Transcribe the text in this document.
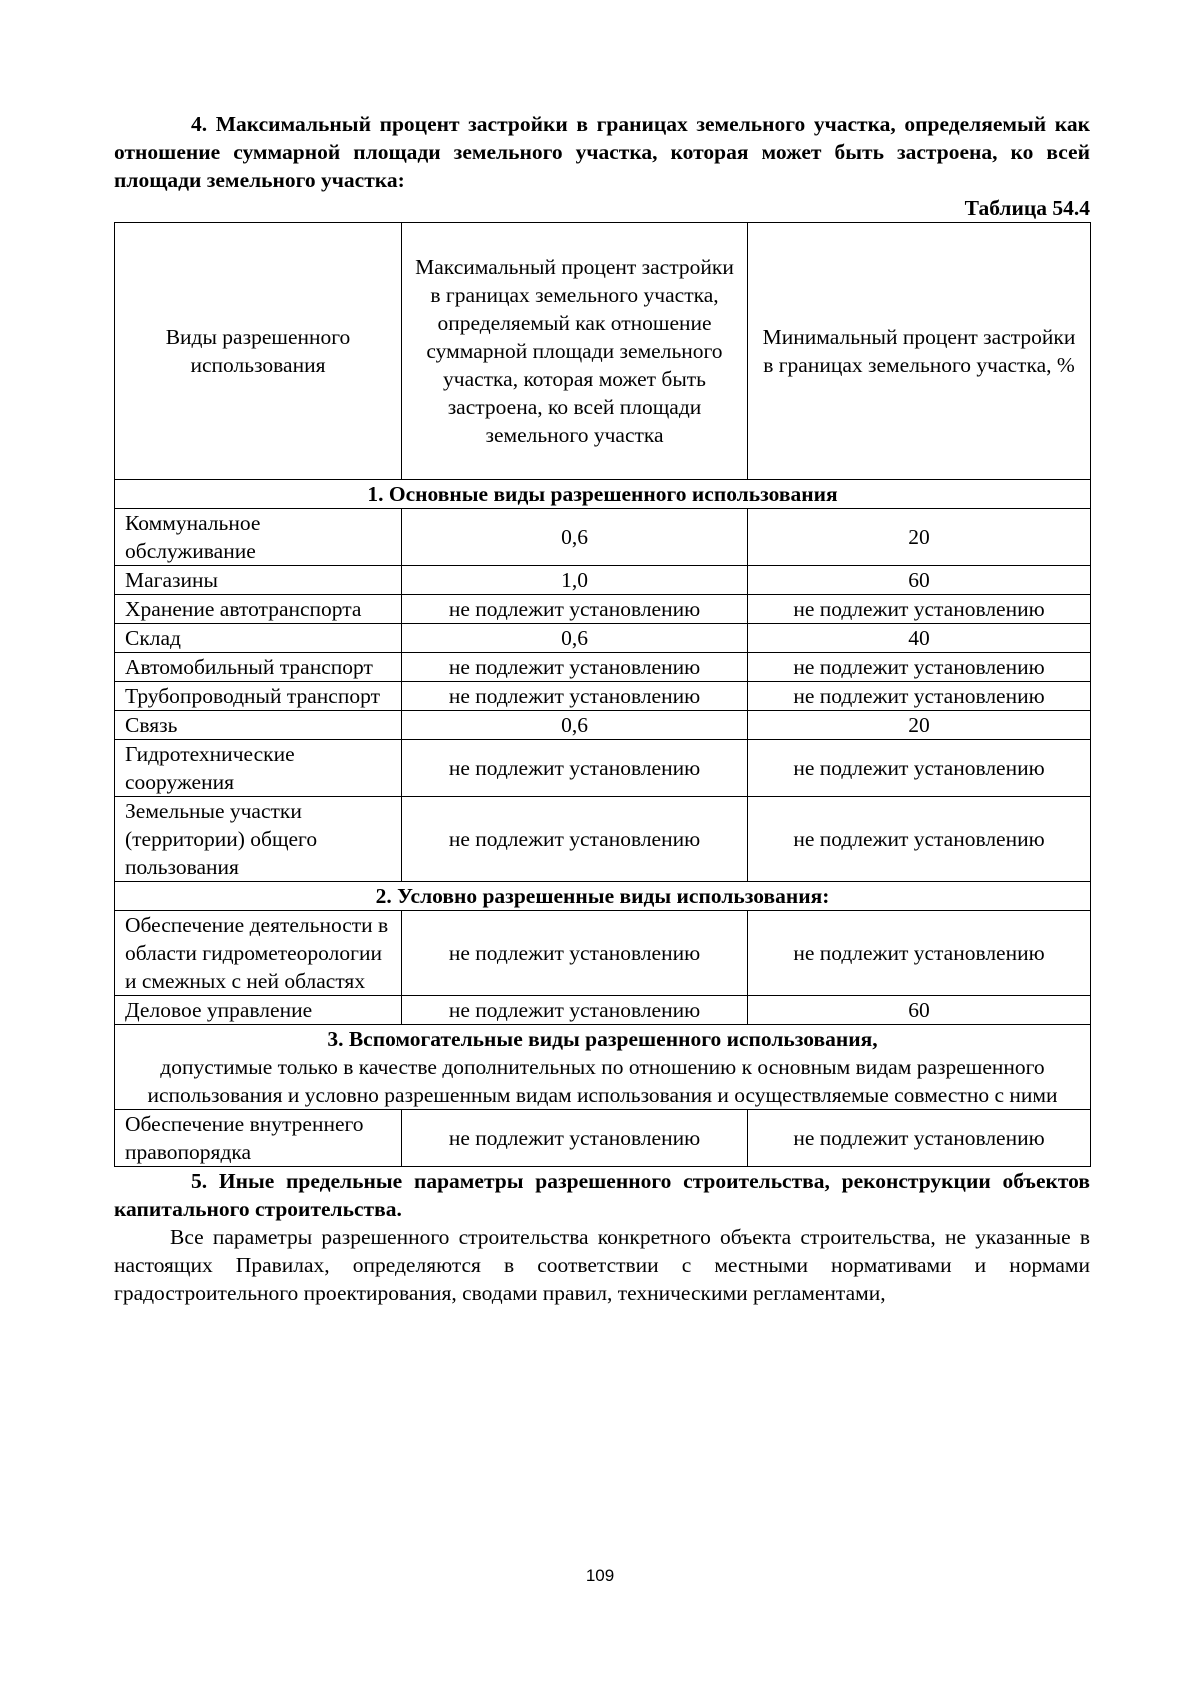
4. Максимальный процент застройки в границах земельного участка, определяемый как отношение суммарной площади земельного участка, которая может быть застроена, ко всей площади земельного участка:

Таблица 54.4

Виды разрешенного использования	Максимальный процент застройки в границах земельного участка, определяемый как отношение суммарной площади земельного участка, которая может быть застроена, ко всей площади земельного участка	Минимальный процент застройки в границах земельного участка, %
1. Основные виды разрешенного использования		
Коммунальное обслуживание	0,6	20
Магазины	1,0	60
Хранение автотранспорта	не подлежит установлению	не подлежит установлению
Склад	0,6	40
Автомобильный транспорт	не подлежит установлению	не подлежит установлению
Трубопроводный транспорт	не подлежит установлению	не подлежит установлению
Связь	0,6	20
Гидротехнические сооружения	не подлежит установлению	не подлежит установлению
Земельные участки (территории) общего пользования	не подлежит установлению	не подлежит установлению
2. Условно разрешенные виды использования:		
Обеспечение деятельности в области гидрометеорологии и смежных с ней областях	не подлежит установлению	не подлежит установлению
Деловое управление	не подлежит установлению	60

3. Вспомогательные виды разрешенного использования,
допустимые только в качестве дополнительных по отношению к основным видам разрешенного использования и условно разрешенным видам использования и осуществляемые совместно с ними		

Обеспечение внутреннего правопорядка	не подлежит установлению	не подлежит установлению

5. Иные предельные параметры разрешенного строительства, реконструкции объектов капитального строительства.

Все параметры разрешенного строительства конкретного объекта строительства, не указанные в настоящих Правилах, определяются в соответствии с местными нормативами и нормами градостроительного проектирования, сводами правил, техническими регламентами,

109
